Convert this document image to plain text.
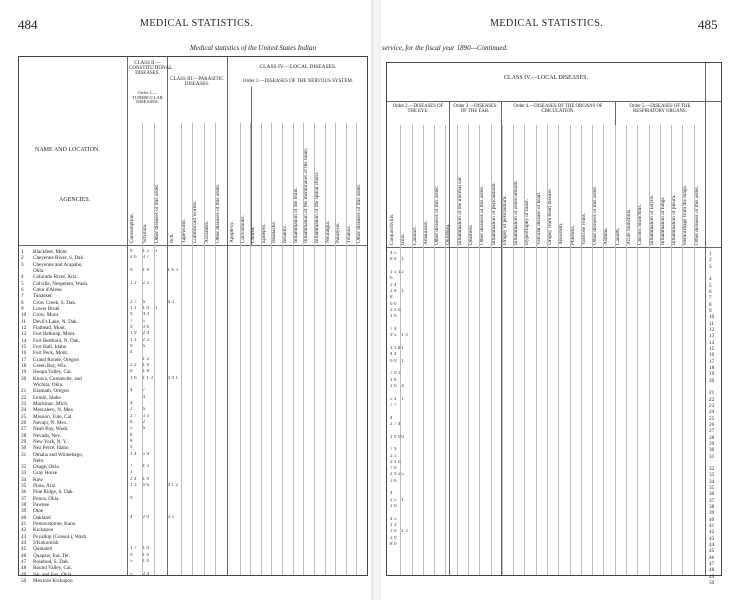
484	MEDICAL STATISTICS.
Medical statistics of the United States Indian
NAME AND LOCATION.
AGENCIES.
CLASS II.—CONSTITUTIONAL DISEASES.
Order 2.—TUBERCULAR DISEASES.
CLASS III.—PARASITIC DISEASES.
CLASS IV.—LOCAL DISEASES.
Order 1.—DISEASES OF THE NERVOUS SYSTEM.
1 Blackfeet, Mont.
2 Cheyenne River, S. Dak.
3 Cheyenne and Arapaho,
Okla.
4 Colorado River, Ariz.
5 Colville, Nespelem, Wash.
6 Cœur d'Alene.
7 Tonasket
8 Crow Creek, S. Dak.
9 Lower Brulé
10 Crow, Mont.
11 Devil's Lake, N. Dak.
12 Flathead, Mont.
13 Fort Belknap, Mont.
14 Fort Berthold, N. Dak.
15 Fort Hall, Idaho
16 Fort Peck, Mont.
17 Grand Ronde, Oregon
18 Green Bay, Wis.
19 Hoopa Valley, Cal.
20 Kiowa, Comanche, and
Wichita, Okla.
21 Klamath, Oregon
22 Lemhi, Idaho
23 Mackinac, Mich.
24 Mescalero, N. Mex.
25 Mission, Tule, Cal.
26 Navajo, N. Mex.
27 Neah Bay, Wash.
28 Nevada, Nev.
29 New York, N. Y.
30 Nez Percé, Idaho
31 Omaha and Winnebago,
Nebr.
32 Osage, Okla.
33 Gray Horse
34 Kaw
35 Pima, Ariz.
36 Pine Ridge, S. Dak.
37 Ponca, Okla.
38 Pawnee
39 Otoe
40 Oakland
41 Pottawatomie, Kans.
42 Kickapoo
43 Puyallup (Consol.), Wash.
44 S'Kokomish
45 Quinaielt
46 Quapaw, Ind. Ter.
47 Rosebud, S. Dak.
48 Round Valley, Cal.
49 Sac and Fox, Okla.
50 Mexican Kickapoo
Consumption. Scrofula. Other diseases of this order. Itch. Tapeworm. Lumbricoid worms. Ascarides. Other diseases of this order. Apoplexy. Convulsions. Chorea. Epilepsy. Headache. Insanity. Inflammation of the brain. Inflammation of the membranes of the brain. Inflammation of the spinal chord. Neuralgia. Paralysis. Tetanus. Other diseases of this order.
6
36
9
12
27
11
9
7
9
19
11
9
4
22
6
16
4
4
2
27
8
5
8
8
9
14
7
1
24
13
9
4
17
9
5
5
15
37
18
22
6
10
43
5
36
24
22
6
12
16
18
113
7
4
6
33
2
6
59
13
19
66
20
10
16
10
24
1
1
163
43
491
412
35
MEDICAL STATISTICS.	485
service, for the fiscal year 1890—Continued.
CLASS IV.—LOCAL DISEASES.
Order 2.—DISEASES OF THE EYE.
Order 3.—DISEASES OF THE EAR.
Order 4.—DISEASES OF THE ORGANS OF CIRCULATION.
Order 5.—DISEASES OF THE RESPIRATORY ORGANS.
1
2
3
4
5
6
7
8
9
10
11
12
13
14
15
16
17
18
19
20
21
22
23
24
25
26
27
28
29
30
31
32
33
34
35
36
37
38
39
40
41
42
43
44
45
46
47
48
49
50
Conjunctivitis. Iritis. Cataract. Amaurosis. Other diseases of this order. Otorrhœa. Inflammation of the internal ear. Deafness. Other diseases of this order. Inflammation of pericardium. Dropsy of pericardium. Inflammation of endocardium. Hypertrophy of heart. Valvular disease of heart. Dropsy from heart disease. Aneurism. Phlebitis. Varicose veins. Other diseases of this order. Asthma. Catarrh. Acute bronchitis. Chronic bronchitis. Inflammation of larynx. Inflammation of lungs. Inflammation of pleura. Hemorrhage from the lungs. Other diseases of this order.
45
80
151
6
24
28
8
66
236
16
74
95
118
44
60
702
18
26
54
77
4
274
190
79
25
216
70
292
36
4
25
20
45
12
30
20
89
1
2
1
13
1
1
4
1
9
5
1
13
